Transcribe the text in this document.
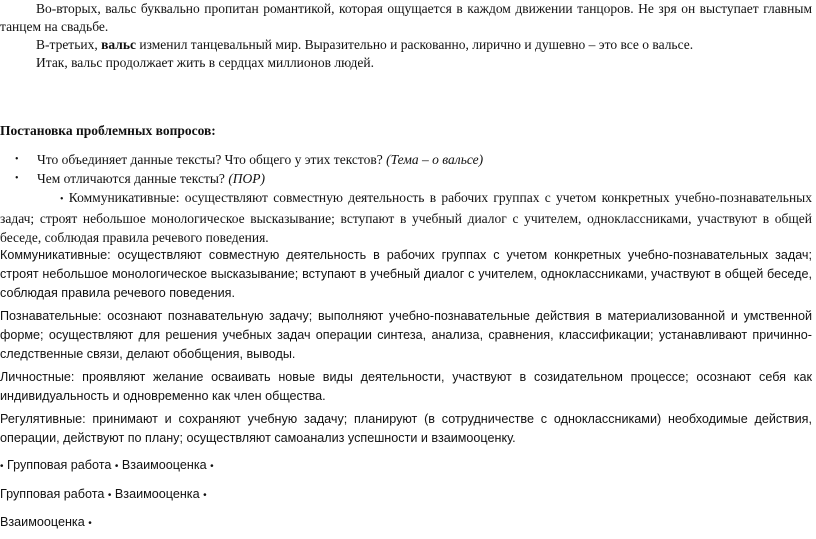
Во-вторых, вальс буквально пропитан романтикой, которая ощущается в каждом движении танцоров. Не зря он выступает главным танцем на свадьбе.

В-третьих, вальс изменил танцевальный мир. Выразительно и раскованно, лирично и душевно – это все о вальсе.

Итак, вальс продолжает жить в сердцах миллионов людей.

Постановка проблемных вопросов:

• Что объединяет данные тексты? Что общего у этих текстов? (Тема – о вальсе)
• Чем отличаются данные тексты? (ПОР)

• Коммуникативные: осуществляют совместную деятельность в рабочих группах с учетом конкретных учебно-познавательных задач; строят небольшое монологическое высказывание; вступают в учебный диалог с учителем, одноклассниками, участвуют в общей беседе, соблюдая правила речевого поведения.

Коммуникативные: осуществляют совместную деятельность в рабочих группах с учетом конкретных учебно-познавательных задач; строят небольшое монологическое высказывание; вступают в учебный диалог с учителем, одноклассниками, участвуют в общей беседе, соблюдая правила речевого поведения.
Познавательные: осознают познавательную задачу; выполняют учебно-познавательные действия в материализованной и умственной форме; осуществляют для решения учебных задач операции синтеза, анализа, сравнения, классификации; устанавливают причинно-следственные связи, делают обобщения, выводы.
Личностные: проявляют желание осваивать новые виды деятельности, участвуют в созидательном процессе; осознают себя как индивидуальность и одновременно как член общества.
Регулятивные: принимают и сохраняют учебную задачу; планируют (в сотрудничестве с одноклассниками) необходимые действия, операции, действуют по плану; осуществляют самоанализ успешности и взаимооценку.
• Групповая работа • Взаимооценка •
Групповая работа • Взаимооценка •
Взаимооценка •
